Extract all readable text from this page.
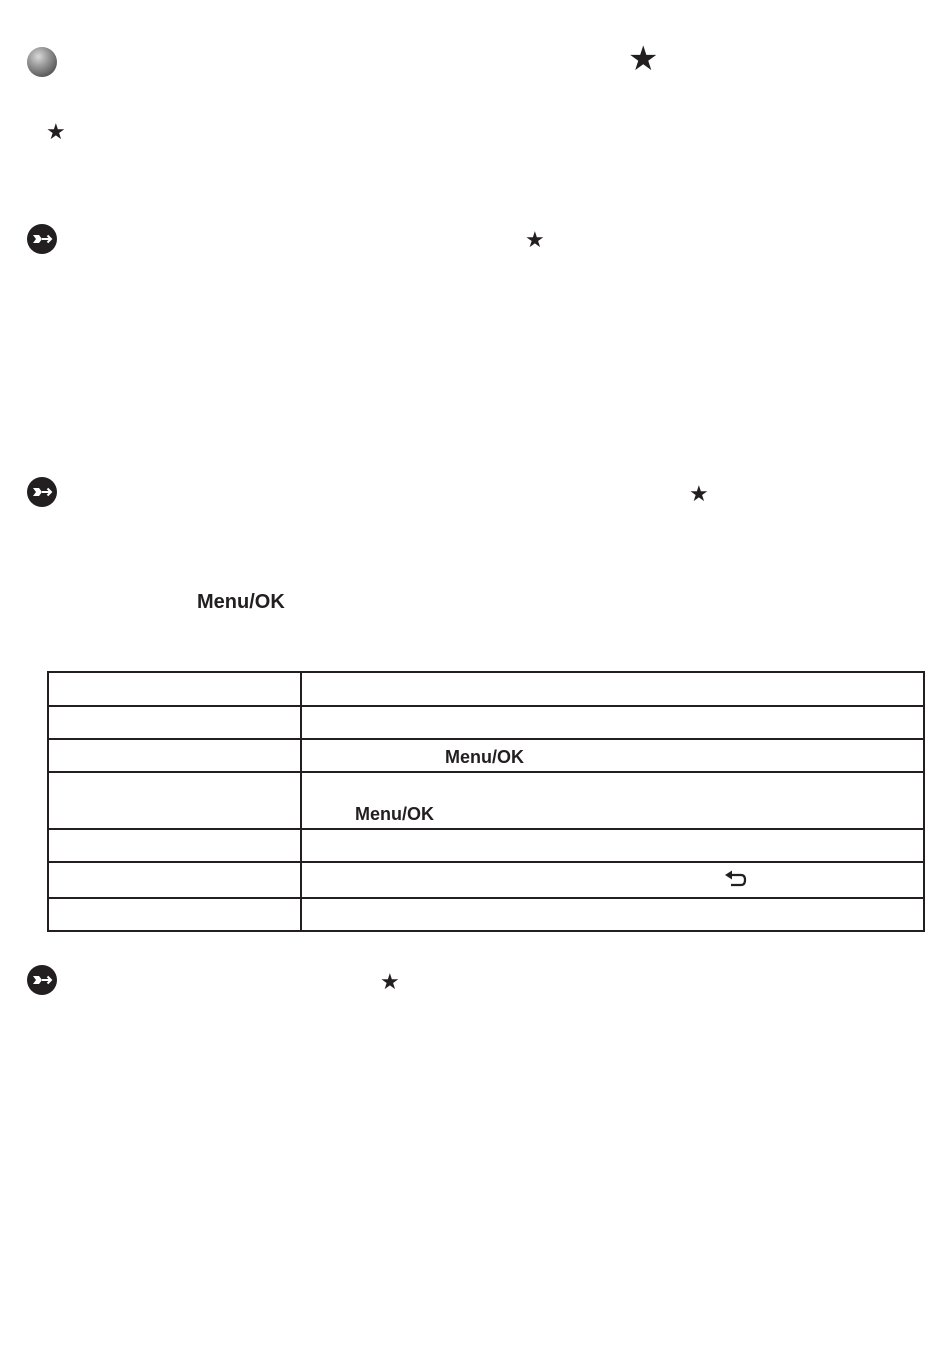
★
★
★
★
Menu/OK

	Menu/OK

	Menu/OK

★
